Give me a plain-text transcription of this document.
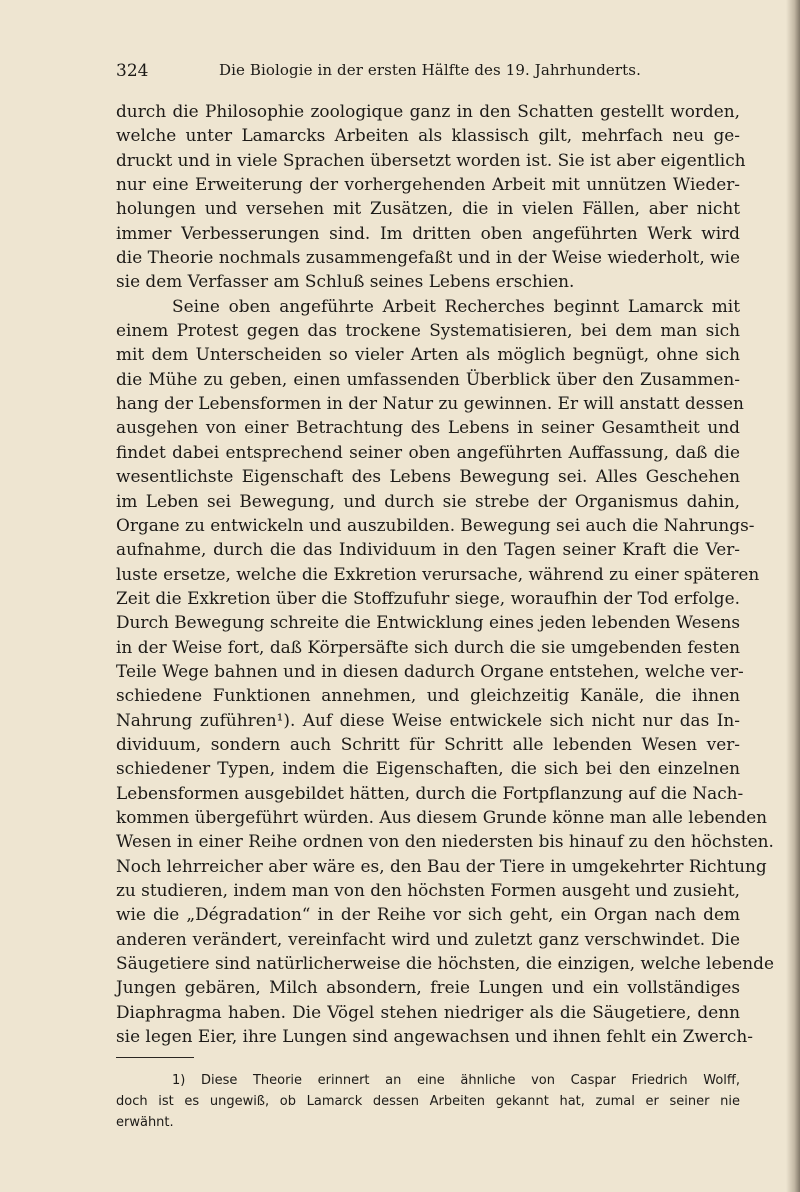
324	Die Biologie in der ersten Hälfte des 19. Jahrhunderts.
durch die Philosophie zoologique ganz in den Schatten gestellt worden,
welche unter Lamarcks Arbeiten als klassisch gilt, mehrfach neu ge-
druckt und in viele Sprachen übersetzt worden ist. Sie ist aber eigentlich
nur eine Erweiterung der vorhergehenden Arbeit mit unnützen Wieder-
holungen und versehen mit Zusätzen, die in vielen Fällen, aber nicht
immer Verbesserungen sind. Im dritten oben angeführten Werk wird
die Theorie nochmals zusammengefaßt und in der Weise wiederholt, wie
sie dem Verfasser am Schluß seines Lebens erschien.
Seine oben angeführte Arbeit Recherches beginnt Lamarck mit
einem Protest gegen das trockene Systematisieren, bei dem man sich
mit dem Unterscheiden so vieler Arten als möglich begnügt, ohne sich
die Mühe zu geben, einen umfassenden Überblick über den Zusammen-
hang der Lebensformen in der Natur zu gewinnen. Er will anstatt dessen
ausgehen von einer Betrachtung des Lebens in seiner Gesamtheit und
findet dabei entsprechend seiner oben angeführten Auffassung, daß die
wesentlichste Eigenschaft des Lebens Bewegung sei. Alles Geschehen
im Leben sei Bewegung, und durch sie strebe der Organismus dahin,
Organe zu entwickeln und auszubilden. Bewegung sei auch die Nahrungs-
aufnahme, durch die das Individuum in den Tagen seiner Kraft die Ver-
luste ersetze, welche die Exkretion verursache, während zu einer späteren
Zeit die Exkretion über die Stoffzufuhr siege, woraufhin der Tod erfolge.
Durch Bewegung schreite die Entwicklung eines jeden lebenden Wesens
in der Weise fort, daß Körpersäfte sich durch die sie umgebenden festen
Teile Wege bahnen und in diesen dadurch Organe entstehen, welche ver-
schiedene Funktionen annehmen, und gleichzeitig Kanäle, die ihnen
Nahrung zuführen¹). Auf diese Weise entwickele sich nicht nur das In-
dividuum, sondern auch Schritt für Schritt alle lebenden Wesen ver-
schiedener Typen, indem die Eigenschaften, die sich bei den einzelnen
Lebensformen ausgebildet hätten, durch die Fortpflanzung auf die Nach-
kommen übergeführt würden. Aus diesem Grunde könne man alle lebenden
Wesen in einer Reihe ordnen von den niedersten bis hinauf zu den höchsten.
Noch lehrreicher aber wäre es, den Bau der Tiere in umgekehrter Richtung
zu studieren, indem man von den höchsten Formen ausgeht und zusieht,
wie die „Dégradation“ in der Reihe vor sich geht, ein Organ nach dem
anderen verändert, vereinfacht wird und zuletzt ganz verschwindet. Die
Säugetiere sind natürlicherweise die höchsten, die einzigen, welche lebende
Jungen gebären, Milch absondern, freie Lungen und ein vollständiges
Diaphragma haben. Die Vögel stehen niedriger als die Säugetiere, denn
sie legen Eier, ihre Lungen sind angewachsen und ihnen fehlt ein Zwerch-
1) Diese Theorie erinnert an eine ähnliche von Caspar Friedrich Wolff,
doch ist es ungewiß, ob Lamarck dessen Arbeiten gekannt hat, zumal er seiner nie
erwähnt.
